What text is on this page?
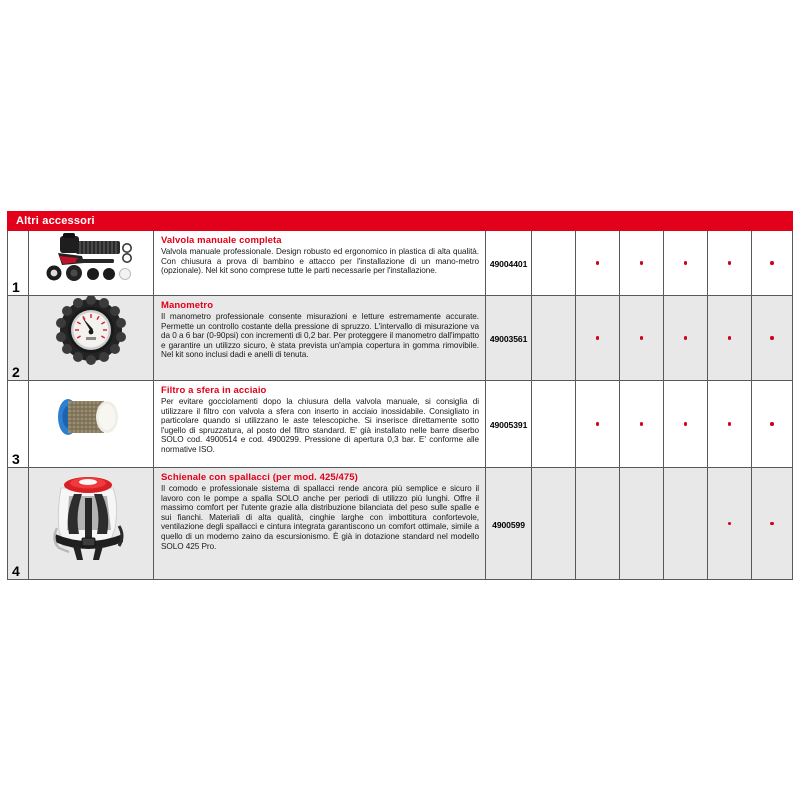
Altri accessori									

1		Valvola manuale completa
Valvola manuale professionale. Design robusto ed ergonomico in plastica di alta qualità. Con chiusura a prova di bambino e attacco per l'installazione di un mano-metro (opzionale). Nel kit sono comprese tutte le parti necessarie per l'installazione.	49004401						

2		Manometro
Il manometro professionale consente misurazioni e letture estremamente accurate. Permette un controllo costante della pressione di spruzzo. L'intervallo di misurazione va da 0 a 6 bar (0-90psi) con incrementi di 0,2 bar. Per proteggere il manometro dall'impatto e garantire un utilizzo sicuro, è stata prevista un'ampia copertura in gomma rimovibile. Nel kit sono inclusi dadi e anelli di tenuta.	49003561						

3		Filtro a sfera in acciaio
Per evitare gocciolamenti dopo la chiusura della valvola manuale, si consiglia di utilizzare il filtro con valvola a sfera con inserto in acciaio inossidabile. Consigliato in particolare quando si utilizzano le aste telescopiche. Si inserisce direttamente sotto l'ugello di spruzzatura, al posto del filtro standard. E' già installato nelle barre diserbo SOLO cod. 4900514 e cod. 4900299. Pressione di apertura 0,3 bar. E' conforme alle normative ISO.	49005391						

4		Schienale con spallacci (per mod. 425/475)
Il comodo e professionale sistema di spallacci rende ancora più semplice e sicuro il lavoro con le pompe a spalla SOLO anche per periodi di utilizzo più lunghi. Offre il massimo comfort per l'utente grazie alla distribuzione bilanciata del peso sulle spalle e sui fianchi. Materiali di alta qualità, cinghie larghe con imbottitura confortevole, ventilazione degli spallacci e cintura integrata garantiscono un comfort ottimale, simile a quello di un moderno zaino da escursionismo. È già in dotazione standard nel modello SOLO 425 Pro.	4900599						
